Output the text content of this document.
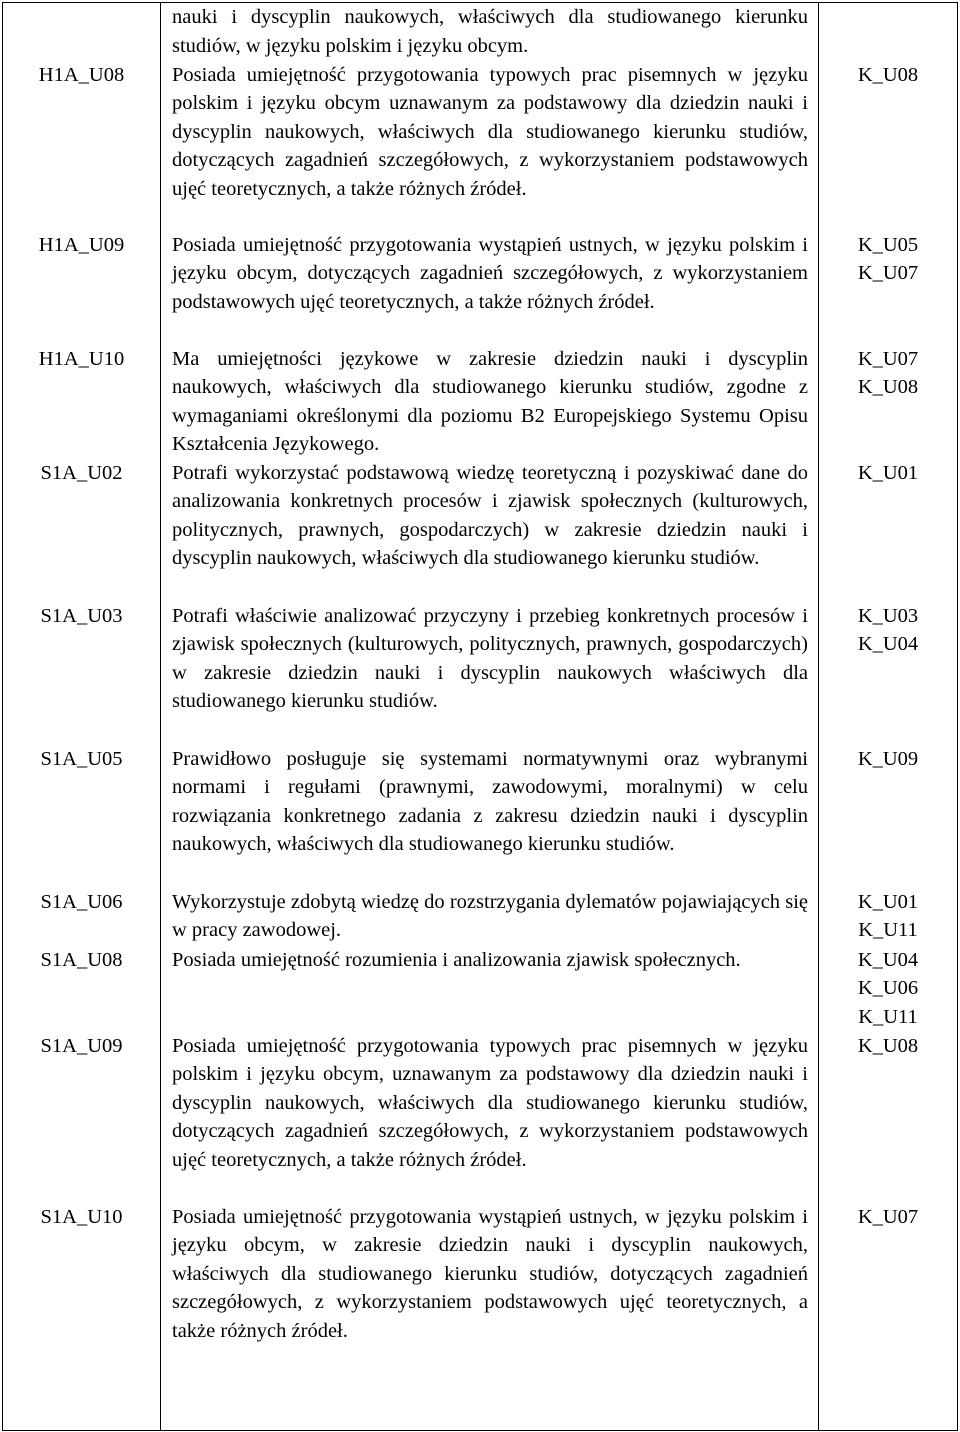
	nauki i dyscyplin naukowych, właściwych dla studiowanego kierunku studiów, w języku polskim i języku obcym.	

H1A_U08	Posiada umiejętność przygotowania typowych prac pisemnych w języku polskim i języku obcym uznawanym za podstawowy dla dziedzin nauki i dyscyplin naukowych, właściwych dla studiowanego kierunku studiów, dotyczących zagadnień szczegółowych, z wykorzystaniem podstawowych ujęć teoretycznych, a także różnych źródeł.	K_U08

H1A_U09	Posiada umiejętność przygotowania wystąpień ustnych, w języku polskim i języku obcym, dotyczących zagadnień szczegółowych, z wykorzystaniem podstawowych ujęć teoretycznych, a także różnych źródeł.	K_U05
K_U07

H1A_U10	Ma umiejętności językowe w zakresie dziedzin nauki i dyscyplin naukowych, właściwych dla studiowanego kierunku studiów, zgodne z wymaganiami określonymi dla poziomu B2 Europejskiego Systemu Opisu Kształcenia Językowego.	K_U07
K_U08

S1A_U02	Potrafi wykorzystać podstawową wiedzę teoretyczną i pozyskiwać dane do analizowania konkretnych procesów i zjawisk społecznych (kulturowych, politycznych, prawnych, gospodarczych) w zakresie dziedzin nauki i dyscyplin naukowych, właściwych dla studiowanego kierunku studiów.	K_U01

S1A_U03	Potrafi właściwie analizować przyczyny i przebieg konkretnych procesów i zjawisk społecznych (kulturowych, politycznych, prawnych, gospodarczych) w zakresie dziedzin nauki i dyscyplin naukowych właściwych dla studiowanego kierunku studiów.	K_U03
K_U04

S1A_U05	Prawidłowo posługuje się systemami normatywnymi oraz wybranymi normami i regułami (prawnymi, zawodowymi, moralnymi) w celu rozwiązania konkretnego zadania z zakresu dziedzin nauki i dyscyplin naukowych, właściwych dla studiowanego kierunku studiów.	K_U09

S1A_U06	Wykorzystuje zdobytą wiedzę do rozstrzygania dylematów pojawiających się w pracy zawodowej.	K_U01
K_U11

S1A_U08	Posiada umiejętność rozumienia i analizowania zjawisk społecznych.	K_U04
K_U06
K_U11

S1A_U09	Posiada umiejętność przygotowania typowych prac pisemnych w języku polskim i języku obcym, uznawanym za podstawowy dla dziedzin nauki i dyscyplin naukowych, właściwych dla studiowanego kierunku studiów, dotyczących zagadnień szczegółowych, z wykorzystaniem podstawowych ujęć teoretycznych, a także różnych źródeł.	K_U08

S1A_U10	Posiada umiejętność przygotowania wystąpień ustnych, w języku polskim i języku obcym, w zakresie dziedzin nauki i dyscyplin naukowych, właściwych dla studiowanego kierunku studiów, dotyczących zagadnień szczegółowych, z wykorzystaniem podstawowych ujęć teoretycznych, a także różnych źródeł.	K_U07
